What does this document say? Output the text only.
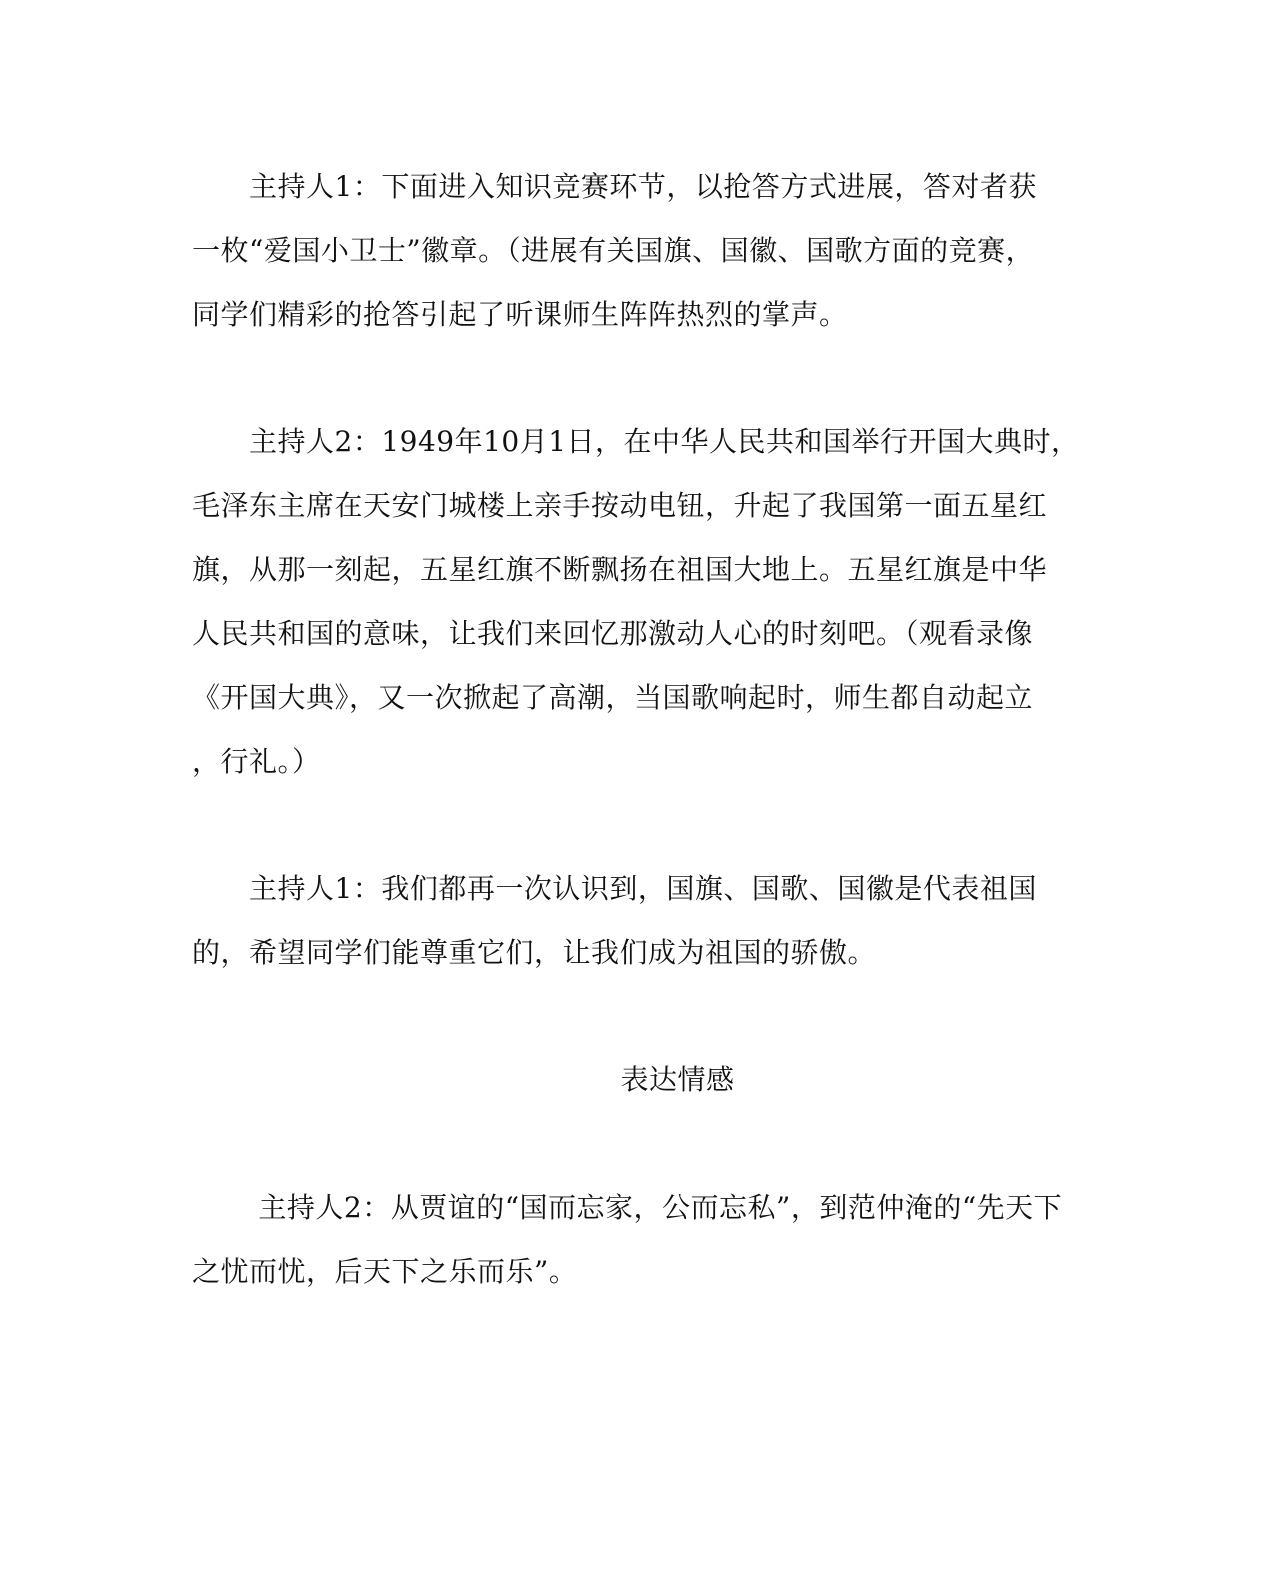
　　主持人1：下面进入知识竞赛环节，以抢答方式进展，答对者获
一枚“爱国小卫士”徽章。（进展有关国旗、国徽、国歌方面的竞赛，
同学们精彩的抢答引起了听课师生阵阵热烈的掌声。
　　主持人2：1949年10月1日，在中华人民共和国举行开国大典时，
毛泽东主席在天安门城楼上亲手按动电钮，升起了我国第一面五星红
旗，从那一刻起，五星红旗不断飘扬在祖国大地上。五星红旗是中华
人民共和国的意味，让我们来回忆那激动人心的时刻吧。（观看录像
《开国大典》，又一次掀起了高潮，当国歌响起时，师生都自动起立
，行礼。）
　　主持人1：我们都再一次认识到，国旗、国歌、国徽是代表祖国
的，希望同学们能尊重它们，让我们成为祖国的骄傲。
表达情感
　　 主持人2：从贾谊的“国而忘家，公而忘私”，到范仲淹的“先天下
之忧而忧，后天下之乐而乐”。
